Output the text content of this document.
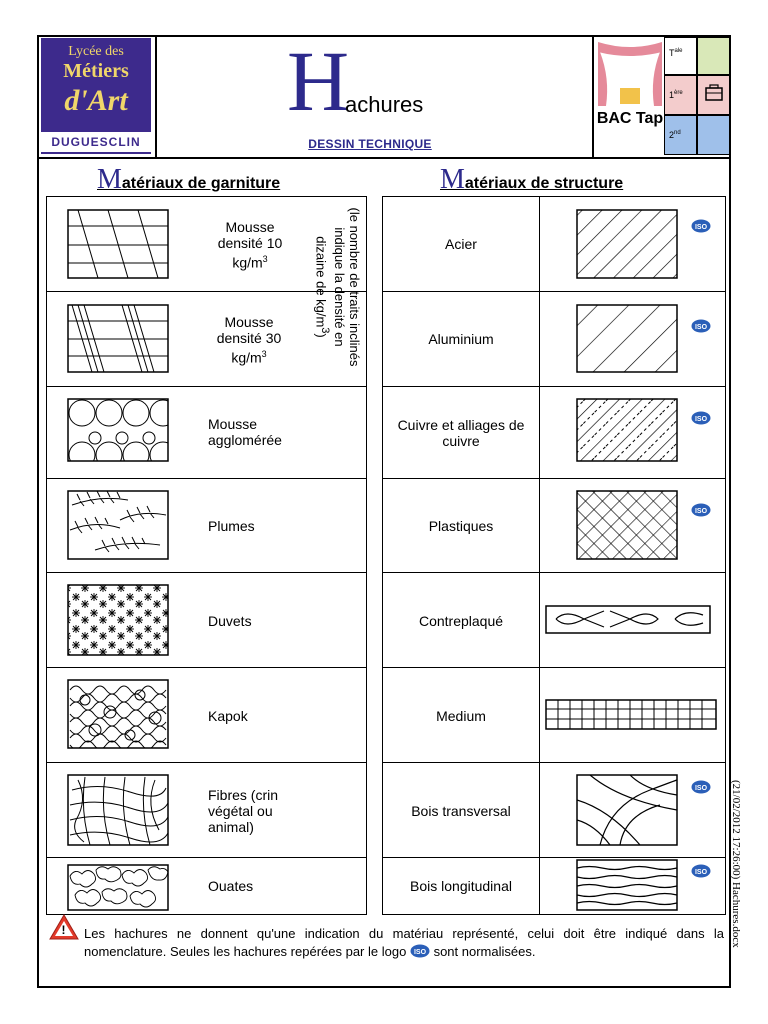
Lycée des
Métiers
d'Art
DUGUESCLIN
H
achures
DESSIN TECHNIQUE
BAC Tap
$T^{ale}$
1ère
2nd
Matériaux de garniture	Matériaux de structure
!
Mousse densité 10 $kg/m^3$
Mousse densité 30 $kg/m^3$
Mousse agglomérée
Plumes
Duvets
Kapok
Fibres (crin végétal ou animal)
Ouates
(le nombre de traits inclinés indique la densité en dizaine de $kg/m^3$)
Acier
Aluminium
Cuivre et alliages de cuivre
Plastiques
Contreplaqué
Medium
Bois transversal
Bois longitudinal
ISO
ISO
ISO
ISO
ISO
ISO
Les hachures ne donnent qu'une indication du matériau représenté, celui doit être indiqué dans la nomenclature. Seules les hachures repérées par le logo ISO sont normalisées.
(21/02/2012 17:26:00) Hachures.docx
